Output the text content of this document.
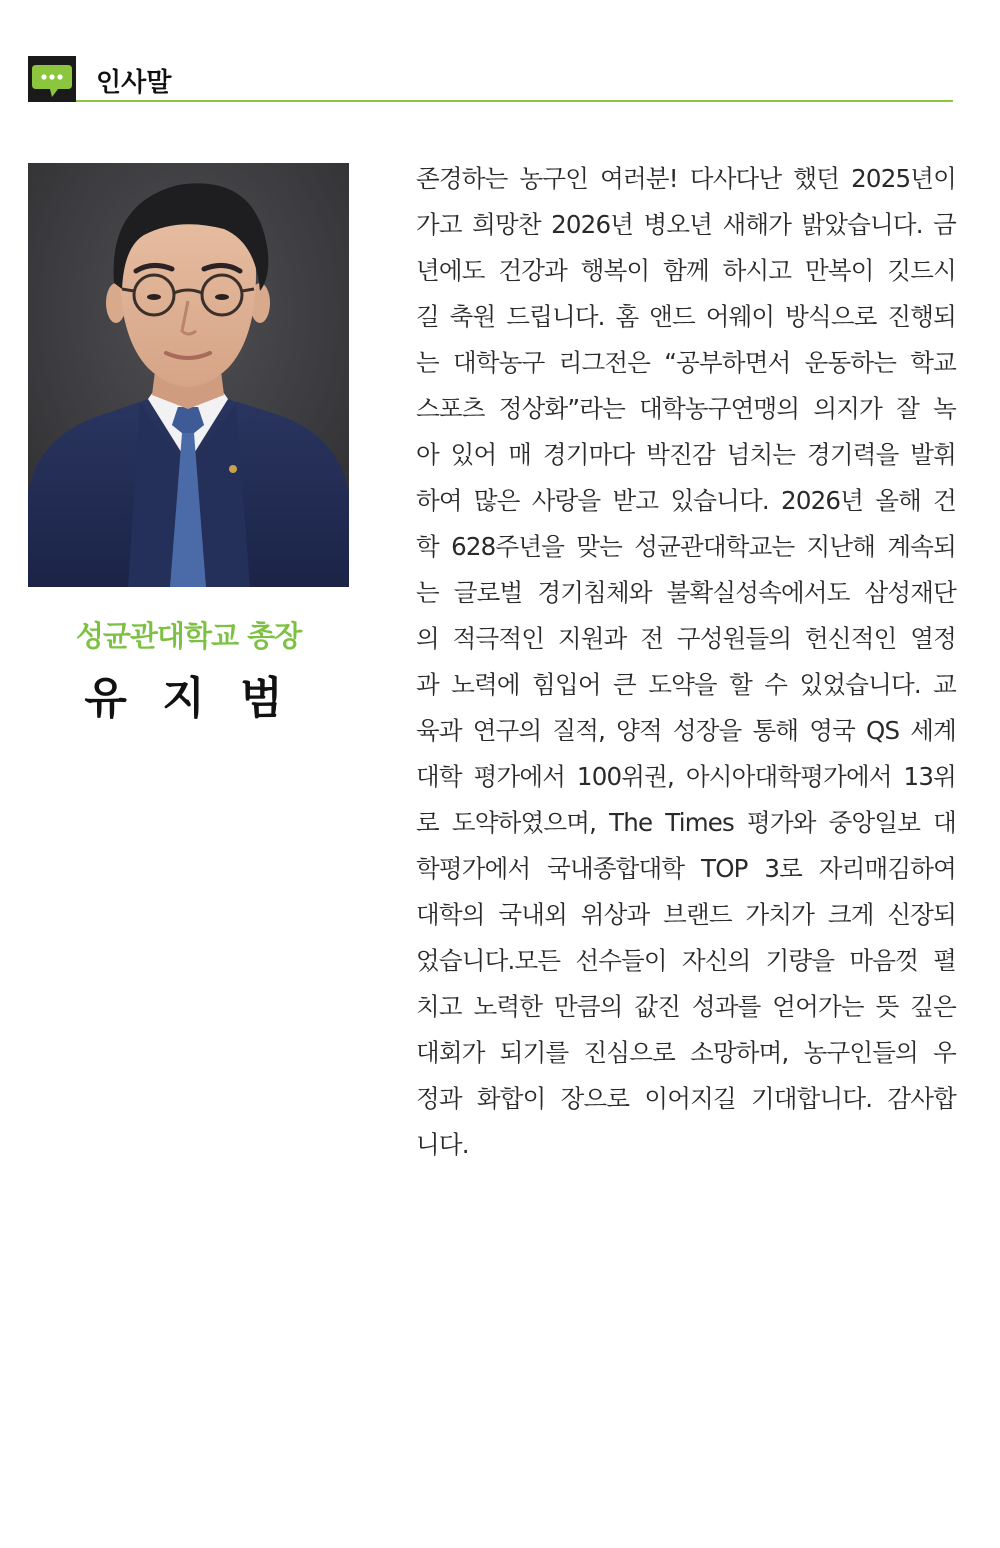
인사말
성균관대학교 총장
유 지 범
존경하는 농구인 여러분! 다사다난 했던 2025년이
가고 희망찬 2026년 병오년 새해가 밝았습니다. 금
년에도 건강과 행복이 함께 하시고 만복이 깃드시
길 축원 드립니다. 홈 앤드 어웨이 방식으로 진행되
는 대학농구 리그전은 “공부하면서 운동하는 학교
스포츠 정상화”라는 대학농구연맹의 의지가 잘 녹
아 있어 매 경기마다 박진감 넘치는 경기력을 발휘
하여 많은 사랑을 받고 있습니다. 2026년 올해 건
학 628주년을 맞는 성균관대학교는 지난해 계속되
는 글로벌 경기침체와 불확실성속에서도 삼성재단
의 적극적인 지원과 전 구성원들의 헌신적인 열정
과 노력에 힘입어 큰 도약을 할 수 있었습니다. 교
육과 연구의 질적, 양적 성장을 통해 영국 QS 세계
대학 평가에서 100위권, 아시아대학평가에서 13위
로 도약하였으며, The Times 평가와 중앙일보 대
학평가에서 국내종합대학 TOP 3로 자리매김하여
대학의 국내외 위상과 브랜드 가치가 크게 신장되
었습니다.모든 선수들이 자신의 기량을 마음껏 펼
치고 노력한 만큼의 값진 성과를 얻어가는 뜻 깊은
대회가 되기를 진심으로 소망하며, 농구인들의 우
정과 화합이 장으로 이어지길 기대합니다. 감사합
니다.
